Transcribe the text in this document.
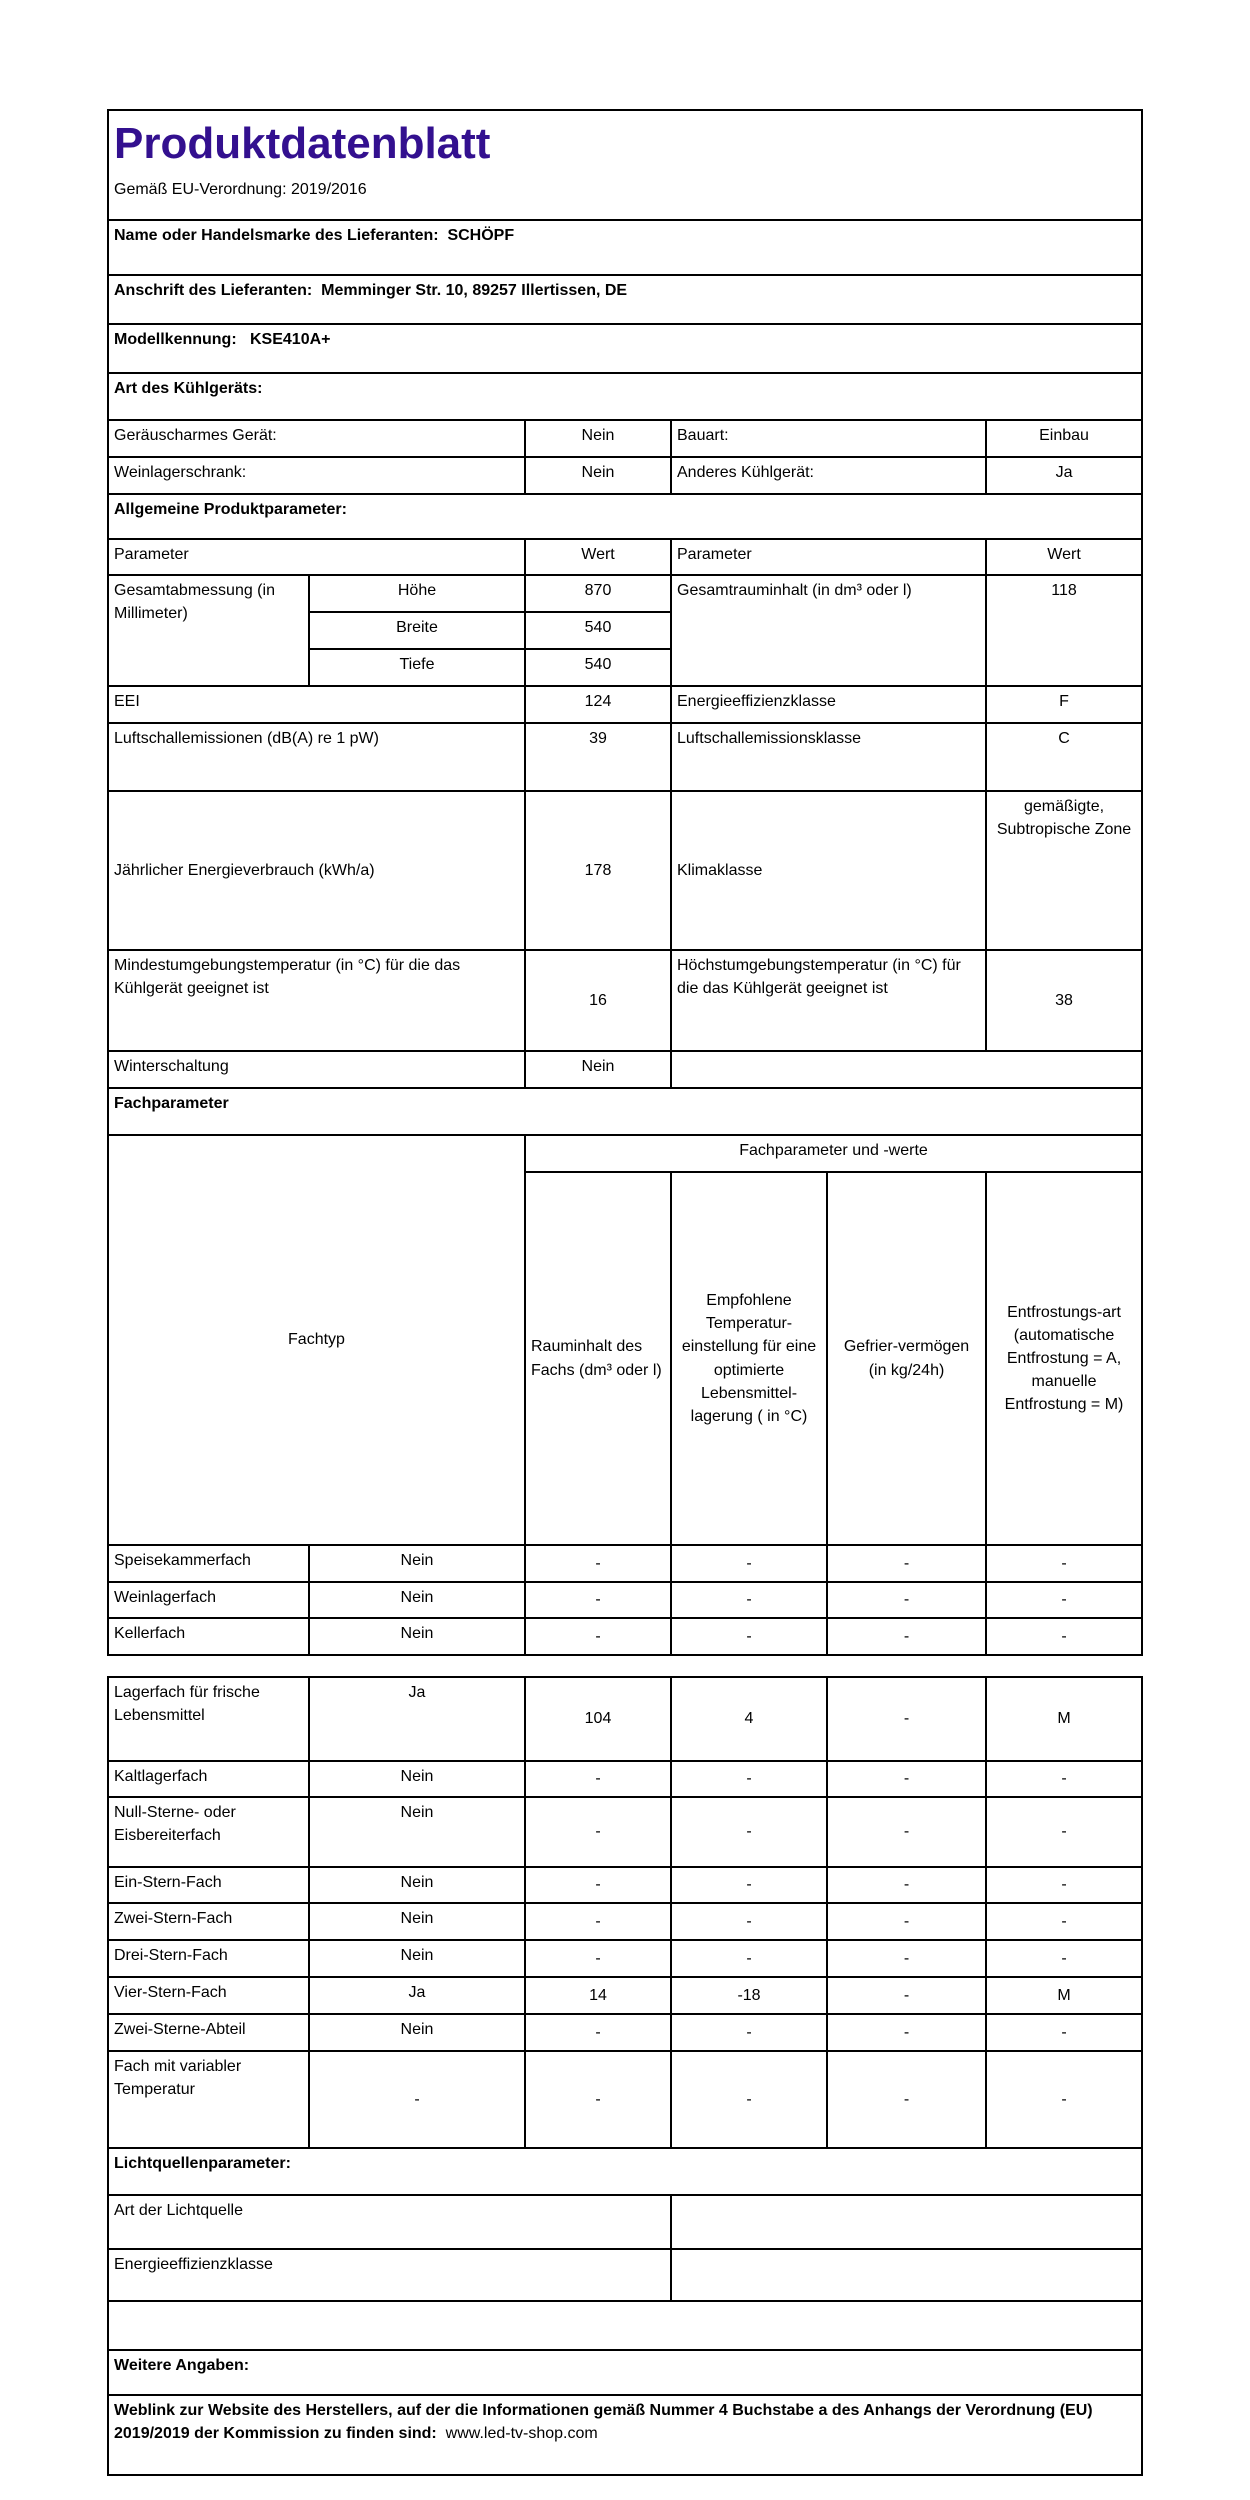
Produktdatenblatt
Gemäß EU-Verordnung: 2019/2016					

Name oder Handelsmarke des Lieferanten: SCHÖPF					
Anschrift des Lieferanten: Memminger Str. 10, 89257 Illertissen, DE					
Modellkennung: KSE410A+					
Art des Kühlgeräts:					
Geräuscharmes Gerät:		Nein	Bauart:		Einbau
Weinlagerschrank:		Nein	Anderes Kühlgerät:		Ja
Allgemeine Produktparameter:					
Parameter		Wert	Parameter		Wert
Gesamtabmessung (in Millimeter)	Höhe	870	Gesamtrauminhalt (in dm³ oder l)		118
	Breite	540			
	Tiefe	540			
EEI		124	Energieeffizienzklasse		F
Luftschallemissionen (dB(A) re 1 pW)		39	Luftschallemissionsklasse		C
Jährlicher Energieverbrauch (kWh/a)		178	Klimaklasse		gemäßigte, Subtropische Zone
Mindestumgebungstemperatur (in °C) für die das Kühlgerät geeignet ist		16	Höchstumgebungstemperatur (in °C) für die das Kühlgerät geeignet ist		38
Winterschaltung		Nein			
Fachparameter					
Fachtyp		Fachparameter und -werte			
		Rauminhalt des Fachs (dm³ oder l)	Empfohlene Temperatur-einstellung für eine optimierte Lebensmittel-lagerung ( in °C)	Gefrier-vermögen (in kg/24h)	Entfrostungs-art (automatische Entfrostung = A, manuelle Entfrostung = M)
Speisekammerfach	Nein	-	-	-	-
Weinlagerfach	Nein	-	-	-	-
Kellerfach	Nein	-	-	-	-
Lagerfach für frische Lebensmittel	Ja	104	4	-	M
Kaltlagerfach	Nein	-	-	-	-
Null-Sterne- oder Eisbereiterfach	Nein	-	-	-	-
Ein-Stern-Fach	Nein	-	-	-	-
Zwei-Stern-Fach	Nein	-	-	-	-
Drei-Stern-Fach	Nein	-	-	-	-
Vier-Stern-Fach	Ja	14	-18	-	M
Zwei-Sterne-Abteil	Nein	-	-	-	-
Fach mit variabler Temperatur	-	-	-	-	-
Lichtquellenparameter:					
Art der Lichtquelle					
Energieeffizienzklasse					

Weitere Angaben:					
Weblink zur Website des Herstellers, auf der die Informationen gemäß Nummer 4 Buchstabe a des Anhangs der Verordnung (EU) 2019/2019 der Kommission zu finden sind: www.led-tv-shop.com					
